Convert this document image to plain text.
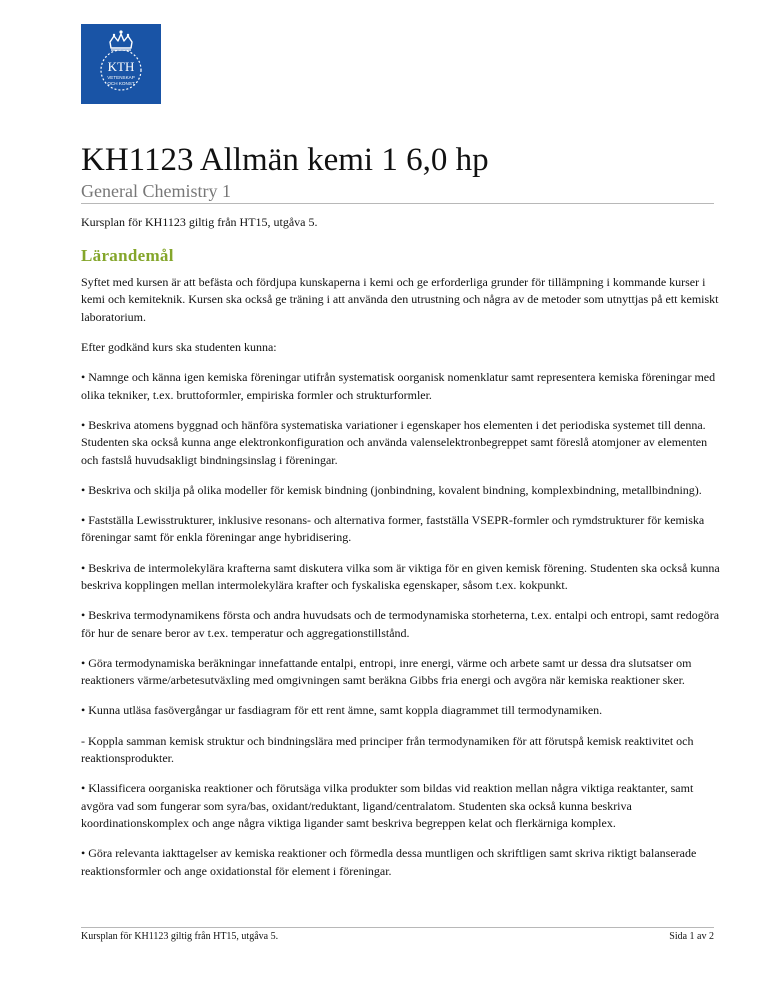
KTH
VETENSKAP
OCH KONST
KH1123 Allmän kemi 1 6,0 hp
General Chemistry 1
Kursplan för KH1123 giltig från HT15, utgåva 5.
Lärandemål

Syftet med kursen är att befästa och fördjupa kunskaperna i kemi och ge erforderliga grunder för tillämpning i kommande kurser i kemi och kemiteknik. Kursen ska också ge träning i att använda den utrustning och några av de metoder som utnyttjas på ett kemiskt laboratorium.

Efter godkänd kurs ska studenten kunna:

• Namnge och känna igen kemiska föreningar utifrån systematisk oorganisk nomenklatur samt representera kemiska föreningar med olika tekniker, t.ex. bruttoformler, empiriska formler och strukturformler.

• Beskriva atomens byggnad och hänföra systematiska variationer i egenskaper hos elementen i det periodiska systemet till denna. Studenten ska också kunna ange elektronkonfiguration och använda valenselektronbegreppet samt föreslå atomjoner av elementen och fastslå huvudsakligt bindningsinslag i föreningar.

• Beskriva och skilja på olika modeller för kemisk bindning (jonbindning, kovalent bindning, komplexbindning, metallbindning).

• Fastställa Lewisstrukturer, inklusive resonans- och alternativa former, fastställa VSEPR-formler och rymdstrukturer för kemiska föreningar samt för enkla föreningar ange hybridisering.

• Beskriva de intermolekylära krafterna samt diskutera vilka som är viktiga för en given kemisk förening. Studenten ska också kunna beskriva kopplingen mellan intermolekylära krafter och fyskaliska egenskaper, såsom t.ex. kokpunkt.

• Beskriva termodynamikens första och andra huvudsats och de termodynamiska storheterna, t.ex. entalpi och entropi, samt redogöra för hur de senare beror av t.ex. temperatur och aggregationstillstånd.

• Göra termodynamiska beräkningar innefattande entalpi, entropi, inre energi, värme och arbete samt ur dessa dra slutsatser om reaktioners värme/arbetesutväxling med omgivningen samt beräkna Gibbs fria energi och avgöra när kemiska reaktioner sker.

• Kunna utläsa fasövergångar ur fasdiagram för ett rent ämne, samt koppla diagrammet till termodynamiken.

- Koppla samman kemisk struktur och bindningslära med principer från termodynamiken för att förutspå kemisk reaktivitet och reaktionsprodukter.

• Klassificera oorganiska reaktioner och förutsäga vilka produkter som bildas vid reaktion mellan några viktiga reaktanter, samt avgöra vad som fungerar som syra/bas, oxidant/reduktant, ligand/centralatom. Studenten ska också kunna beskriva koordinationskomplex och ange några viktiga ligander samt beskriva begreppen kelat och flerkärniga komplex.

• Göra relevanta iakttagelser av kemiska reaktioner och förmedla dessa muntligen och skriftligen samt skriva riktigt balanserade reaktionsformler och ange oxidationstal för element i föreningar.

Kursplan för KH1123 giltig från HT15, utgåva 5.	Sida 1 av 2
